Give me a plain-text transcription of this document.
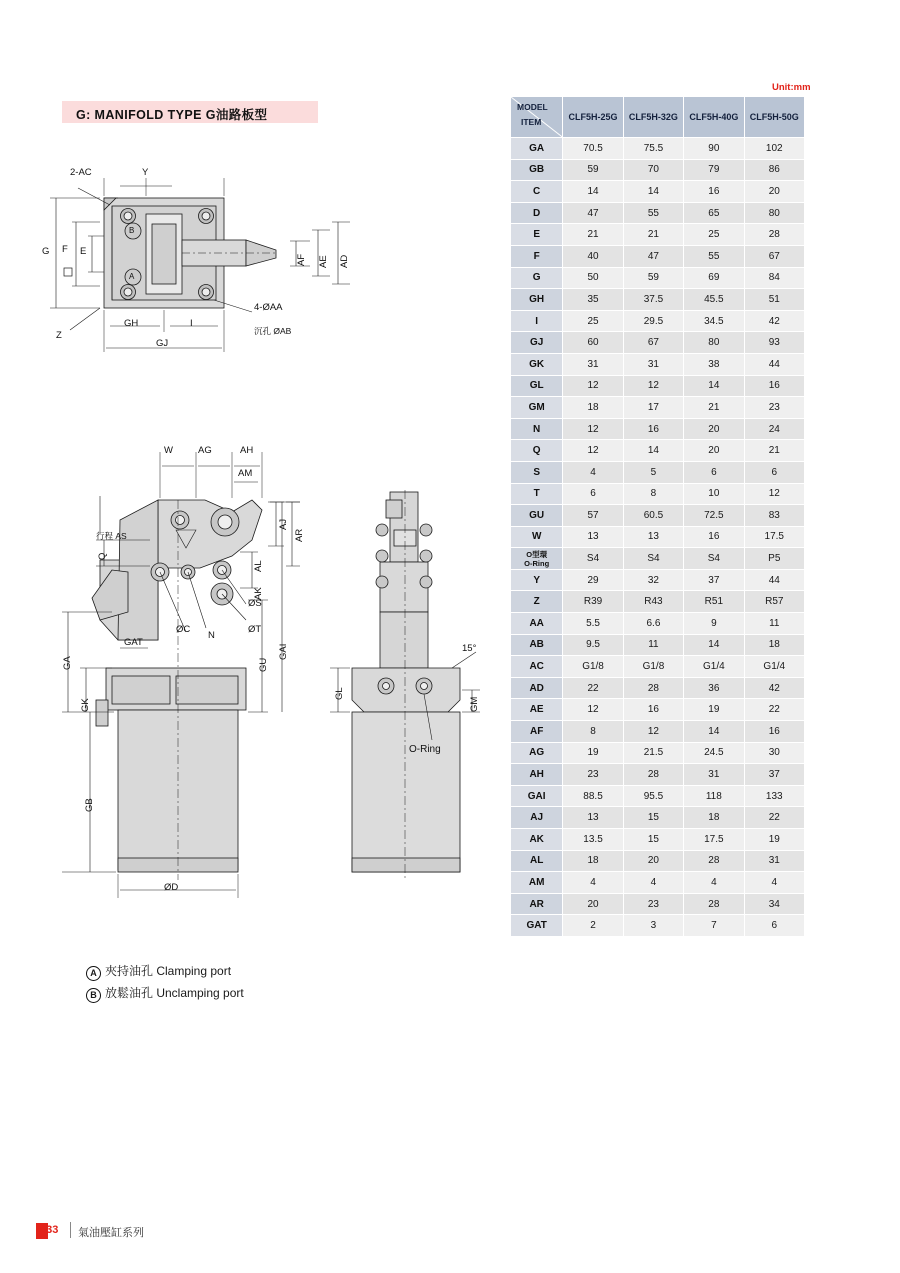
G: MANIFOLD TYPE G油路板型
Unit:mm
2-AC	Y
G F E
AF AE AD
GH	I
Z
GJ
4-ØAA
沉孔 ØAB
A
B
W	AG	AH
AM
AJ
AR
AL
AK
ØS
ØT
ØC
N
Q
GA
GK
GB
GU
GAI
GAT
ØD
行程 AS
15°
GL
GM
O-Ring
MODEL
ITEM	CLF5H-25G	CLF5H-32G	CLF5H-40G	CLF5H-50G
GA	70.5	75.5	90	102
GB	59	70	79	86
C	14	14	16	20
D	47	55	65	80
E	21	21	25	28
F	40	47	55	67
G	50	59	69	84
GH	35	37.5	45.5	51
I	25	29.5	34.5	42
GJ	60	67	80	93
GK	31	31	38	44
GL	12	12	14	16
GM	18	17	21	23
N	12	16	20	24
Q	12	14	20	21
S	4	5	6	6
T	6	8	10	12
GU	57	60.5	72.5	83
W	13	13	16	17.5

O型環
O-Ring	S4	S4	S4	P5
Y	29	32	37	44
Z	R39	R43	R51	R57
AA	5.5	6.6	9	11
AB	9.5	11	14	18
AC	G1/8	G1/8	G1/4	G1/4
AD	22	28	36	42
AE	12	16	19	22
AF	8	12	14	16
AG	19	21.5	24.5	30
AH	23	28	31	37
GAI	88.5	95.5	118	133
AJ	13	15	18	22
AK	13.5	15	17.5	19
AL	18	20	28	31
AM	4	4	4	4
AR	20	23	28	34
GAT	2	3	7	6
A 夾持油孔 Clamping port
B 放鬆油孔 Unclamping port
033 氣油壓缸系列
